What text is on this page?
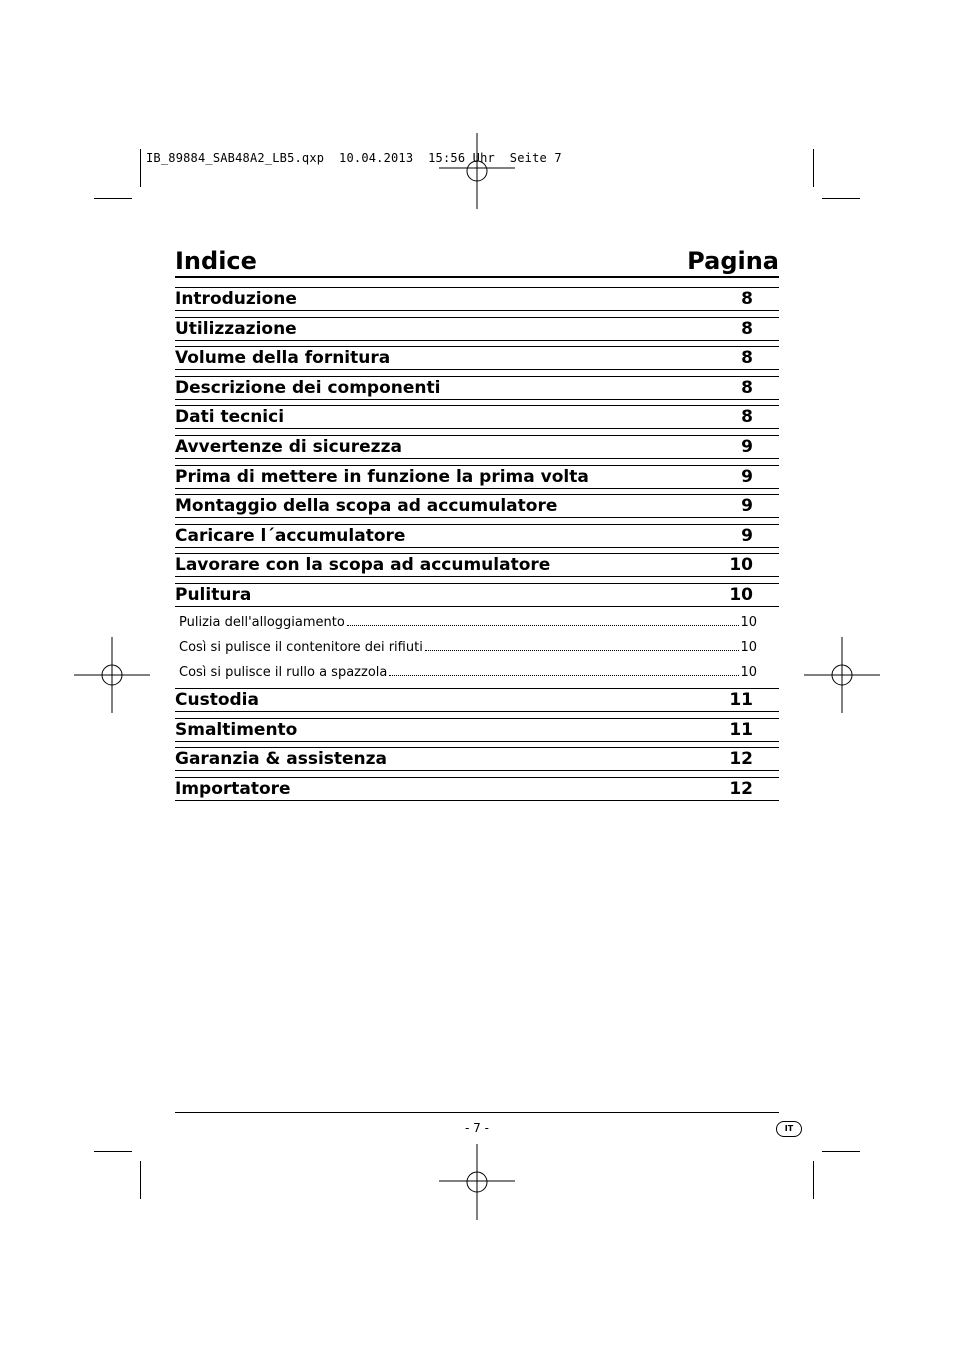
IB_89884_SAB48A2_LB5.qxp  10.04.2013  15:56 Uhr  Seite 7
Indice	Pagina
Introduzione	8
Utilizzazione	8
Volume della fornitura	8
Descrizione dei componenti	8
Dati tecnici	8
Avvertenze di sicurezza	9
Prima di mettere in funzione la prima volta	9
Montaggio della scopa ad accumulatore	9
Caricare l´accumulatore	9
Lavorare con la scopa ad accumulatore	10
Pulitura	10
Pulizia dell'alloggiamento	10
Così si pulisce il contenitore dei rifiuti	10
Così si pulisce il rullo a spazzola	10
Custodia	11
Smaltimento	11
Garanzia & assistenza	12
Importatore	12
- 7 -	IT
